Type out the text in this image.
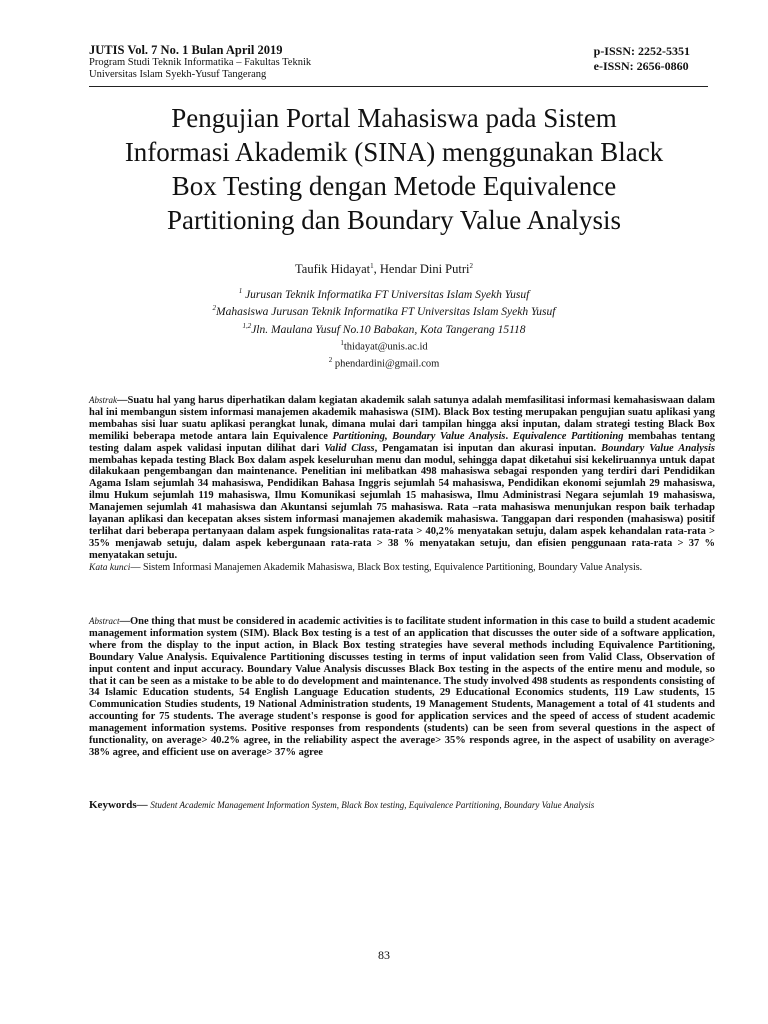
JUTIS Vol. 7 No. 1 Bulan April 2019
Program Studi Teknik Informatika – Fakultas Teknik
Universitas Islam Syekh-Yusuf Tangerang
p-ISSN: 2252-5351
e-ISSN: 2656-0860
Pengujian Portal Mahasiswa pada Sistem
Informasi Akademik (SINA) menggunakan Black
Box Testing dengan Metode Equivalence
Partitioning dan Boundary Value Analysis
Taufik Hidayat$^1$, Hendar Dini Putri$^2$
$^1$ Jurusan Teknik Informatika FT Universitas Islam Syekh Yusuf
$^2$Mahasiswa Jurusan Teknik Informatika FT Universitas Islam Syekh Yusuf
$^{1,2}$Jln. Maulana Yusuf No.10 Babakan, Kota Tangerang 15118
$^1$thidayat@unis.ac.id
$^2$ phendardini@gmail.com
Abstrak—Suatu hal yang harus diperhatikan dalam kegiatan akademik salah satunya adalah memfasilitasi informasi kemahasiswaan dalam hal ini membangun sistem informasi manajemen akademik mahasiswa (SIM). Black Box testing merupakan pengujian suatu aplikasi yang membahas sisi luar suatu aplikasi perangkat lunak, dimana mulai dari tampilan hingga aksi inputan, dalam strategi testing Black Box memiliki beberapa metode antara lain Equivalence Partitioning, Boundary Value Analysis. Equivalence Partitioning membahas tentang testing dalam aspek validasi inputan dilihat dari Valid Class, Pengamatan isi inputan dan akurasi inputan. Boundary Value Analysis membahas kepada testing Black Box dalam aspek keseluruhan menu dan modul, sehingga dapat diketahui sisi kekeliruannya untuk dapat dilakukaan pengembangan dan maintenance. Penelitian ini melibatkan 498 mahasiswa sebagai responden yang terdiri dari Pendidikan Agama Islam sejumlah 34 mahasiswa, Pendidikan Bahasa Inggris sejumlah 54 mahasiswa, Pendidikan ekonomi sejumlah 29 mahasiswa, ilmu Hukum sejumlah 119 mahasiswa, Ilmu Komunikasi sejumlah 15 mahasiswa, Ilmu Administrasi Negara sejumlah 19 mahasiswa, Manajemen sejumlah 41 mahasiswa dan Akuntansi sejumlah 75 mahasiswa. Rata –rata mahasiswa menunjukan respon baik terhadap layanan aplikasi dan kecepatan akses sistem informasi manajemen akademik mahasiswa. Tanggapan dari responden (mahasiswa) positif terlihat dari beberapa pertanyaan dalam aspek fungsionalitas rata-rata > 40,2% menyatakan setuju, dalam aspek kehandalan rata-rata > 35% menjawab setuju, dalam aspek kebergunaan rata-rata > 38 % menyatakan setuju, dan efisien penggunaan rata-rata > 37 % menyatakan setuju.
Kata kunci— Sistem Informasi Manajemen Akademik Mahasiswa, Black Box testing, Equivalence Partitioning, Boundary Value Analysis.
Abstract—One thing that must be considered in academic activities is to facilitate student information in this case to build a student academic management information system (SIM). Black Box testing is a test of an application that discusses the outer side of a software application, where from the display to the input action, in Black Box testing strategies have several methods including Equivalence Partitioning, Boundary Value Analysis. Equivalence Partitioning discusses testing in terms of input validation seen from Valid Class, Observation of input content and input accuracy. Boundary Value Analysis discusses Black Box testing in the aspects of the entire menu and module, so that it can be seen as a mistake to be able to do development and maintenance. The study involved 498 students as respondents consisting of 34 Islamic Education students, 54 English Language Education students, 29 Educational Economics students, 119 Law students, 15 Communication Studies students, 19 National Administration students, 19 Management Students, Management a total of 41 students and accounting for 75 students. The average student's response is good for application services and the speed of access of student academic management information systems. Positive responses from respondents (students) can be seen from several questions in the aspect of functionality, on average> 40.2% agree, in the reliability aspect the average> 35% responds agree, in the aspect of usability on average> 38% agree, and efficient use on average> 37% agree
Keywords— Student Academic Management Information System, Black Box testing, Equivalence Partitioning, Boundary Value Analysis
83
